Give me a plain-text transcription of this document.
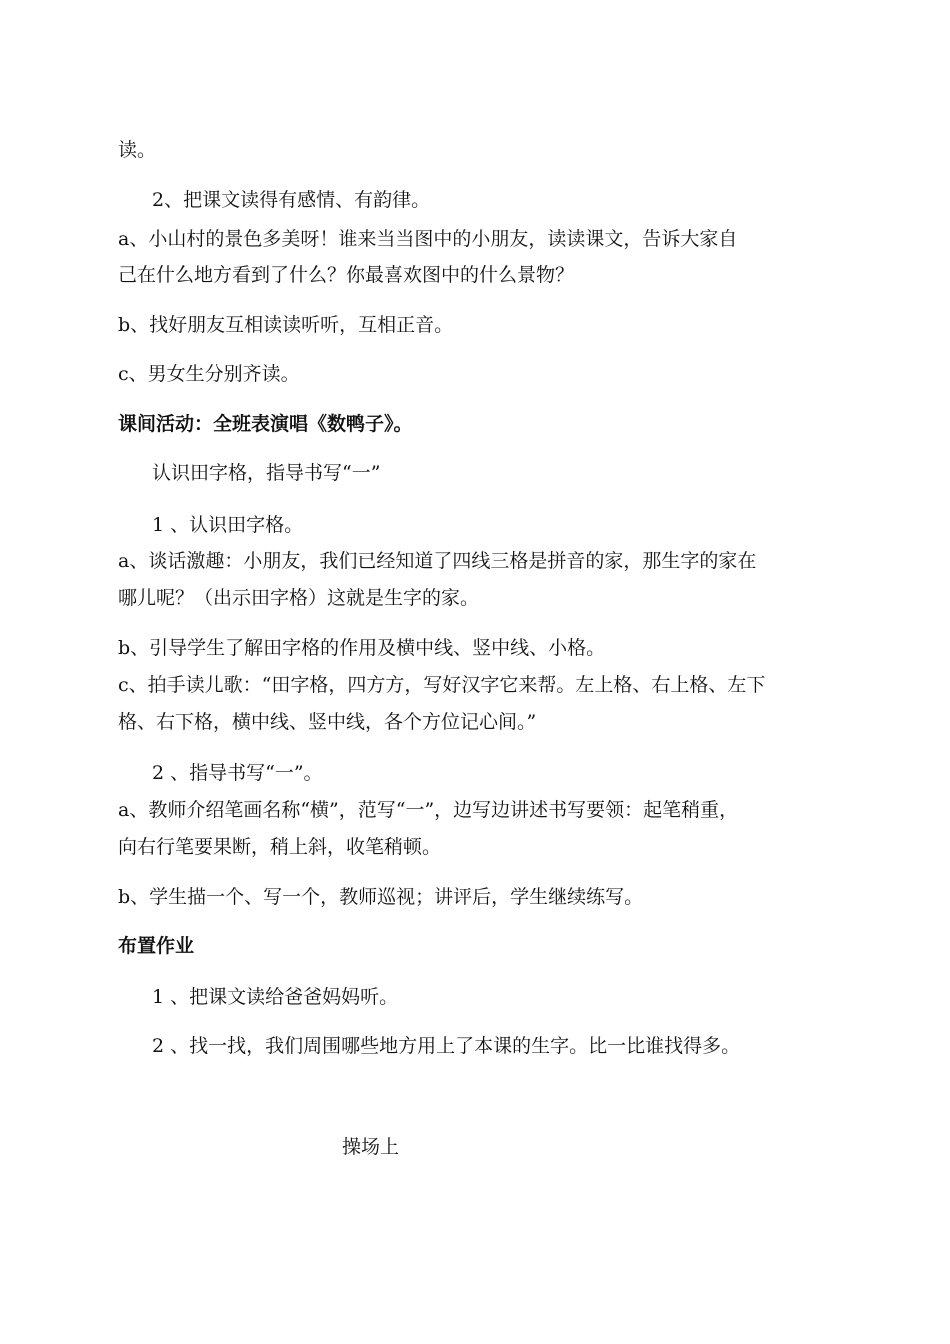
读。
2、把课文读得有感情、有韵律。
a、小山村的景色多美呀！谁来当当图中的小朋友，读读课文，告诉大家自
己在什么地方看到了什么？你最喜欢图中的什么景物？
b、找好朋友互相读读听听，互相正音。
c、男女生分别齐读。
课间活动：全班表演唱《数鸭子》。
认识田字格，指导书写“一”
1 、认识田字格。
a、谈话激趣：小朋友，我们已经知道了四线三格是拼音的家，那生字的家在
哪儿呢？（出示田字格）这就是生字的家。
b、引导学生了解田字格的作用及横中线、竖中线、小格。
c、拍手读儿歌：“田字格，四方方，写好汉字它来帮。左上格、右上格、左下
格、右下格，横中线、竖中线，各个方位记心间。”
2 、指导书写“一”。
a、教师介绍笔画名称“横”，范写“一”，边写边讲述书写要领：起笔稍重，
向右行笔要果断，稍上斜，收笔稍顿。
b、学生描一个、写一个，教师巡视；讲评后，学生继续练写。
布置作业
1 、把课文读给爸爸妈妈听。
2 、找一找，我们周围哪些地方用上了本课的生字。比一比谁找得多。
操场上
